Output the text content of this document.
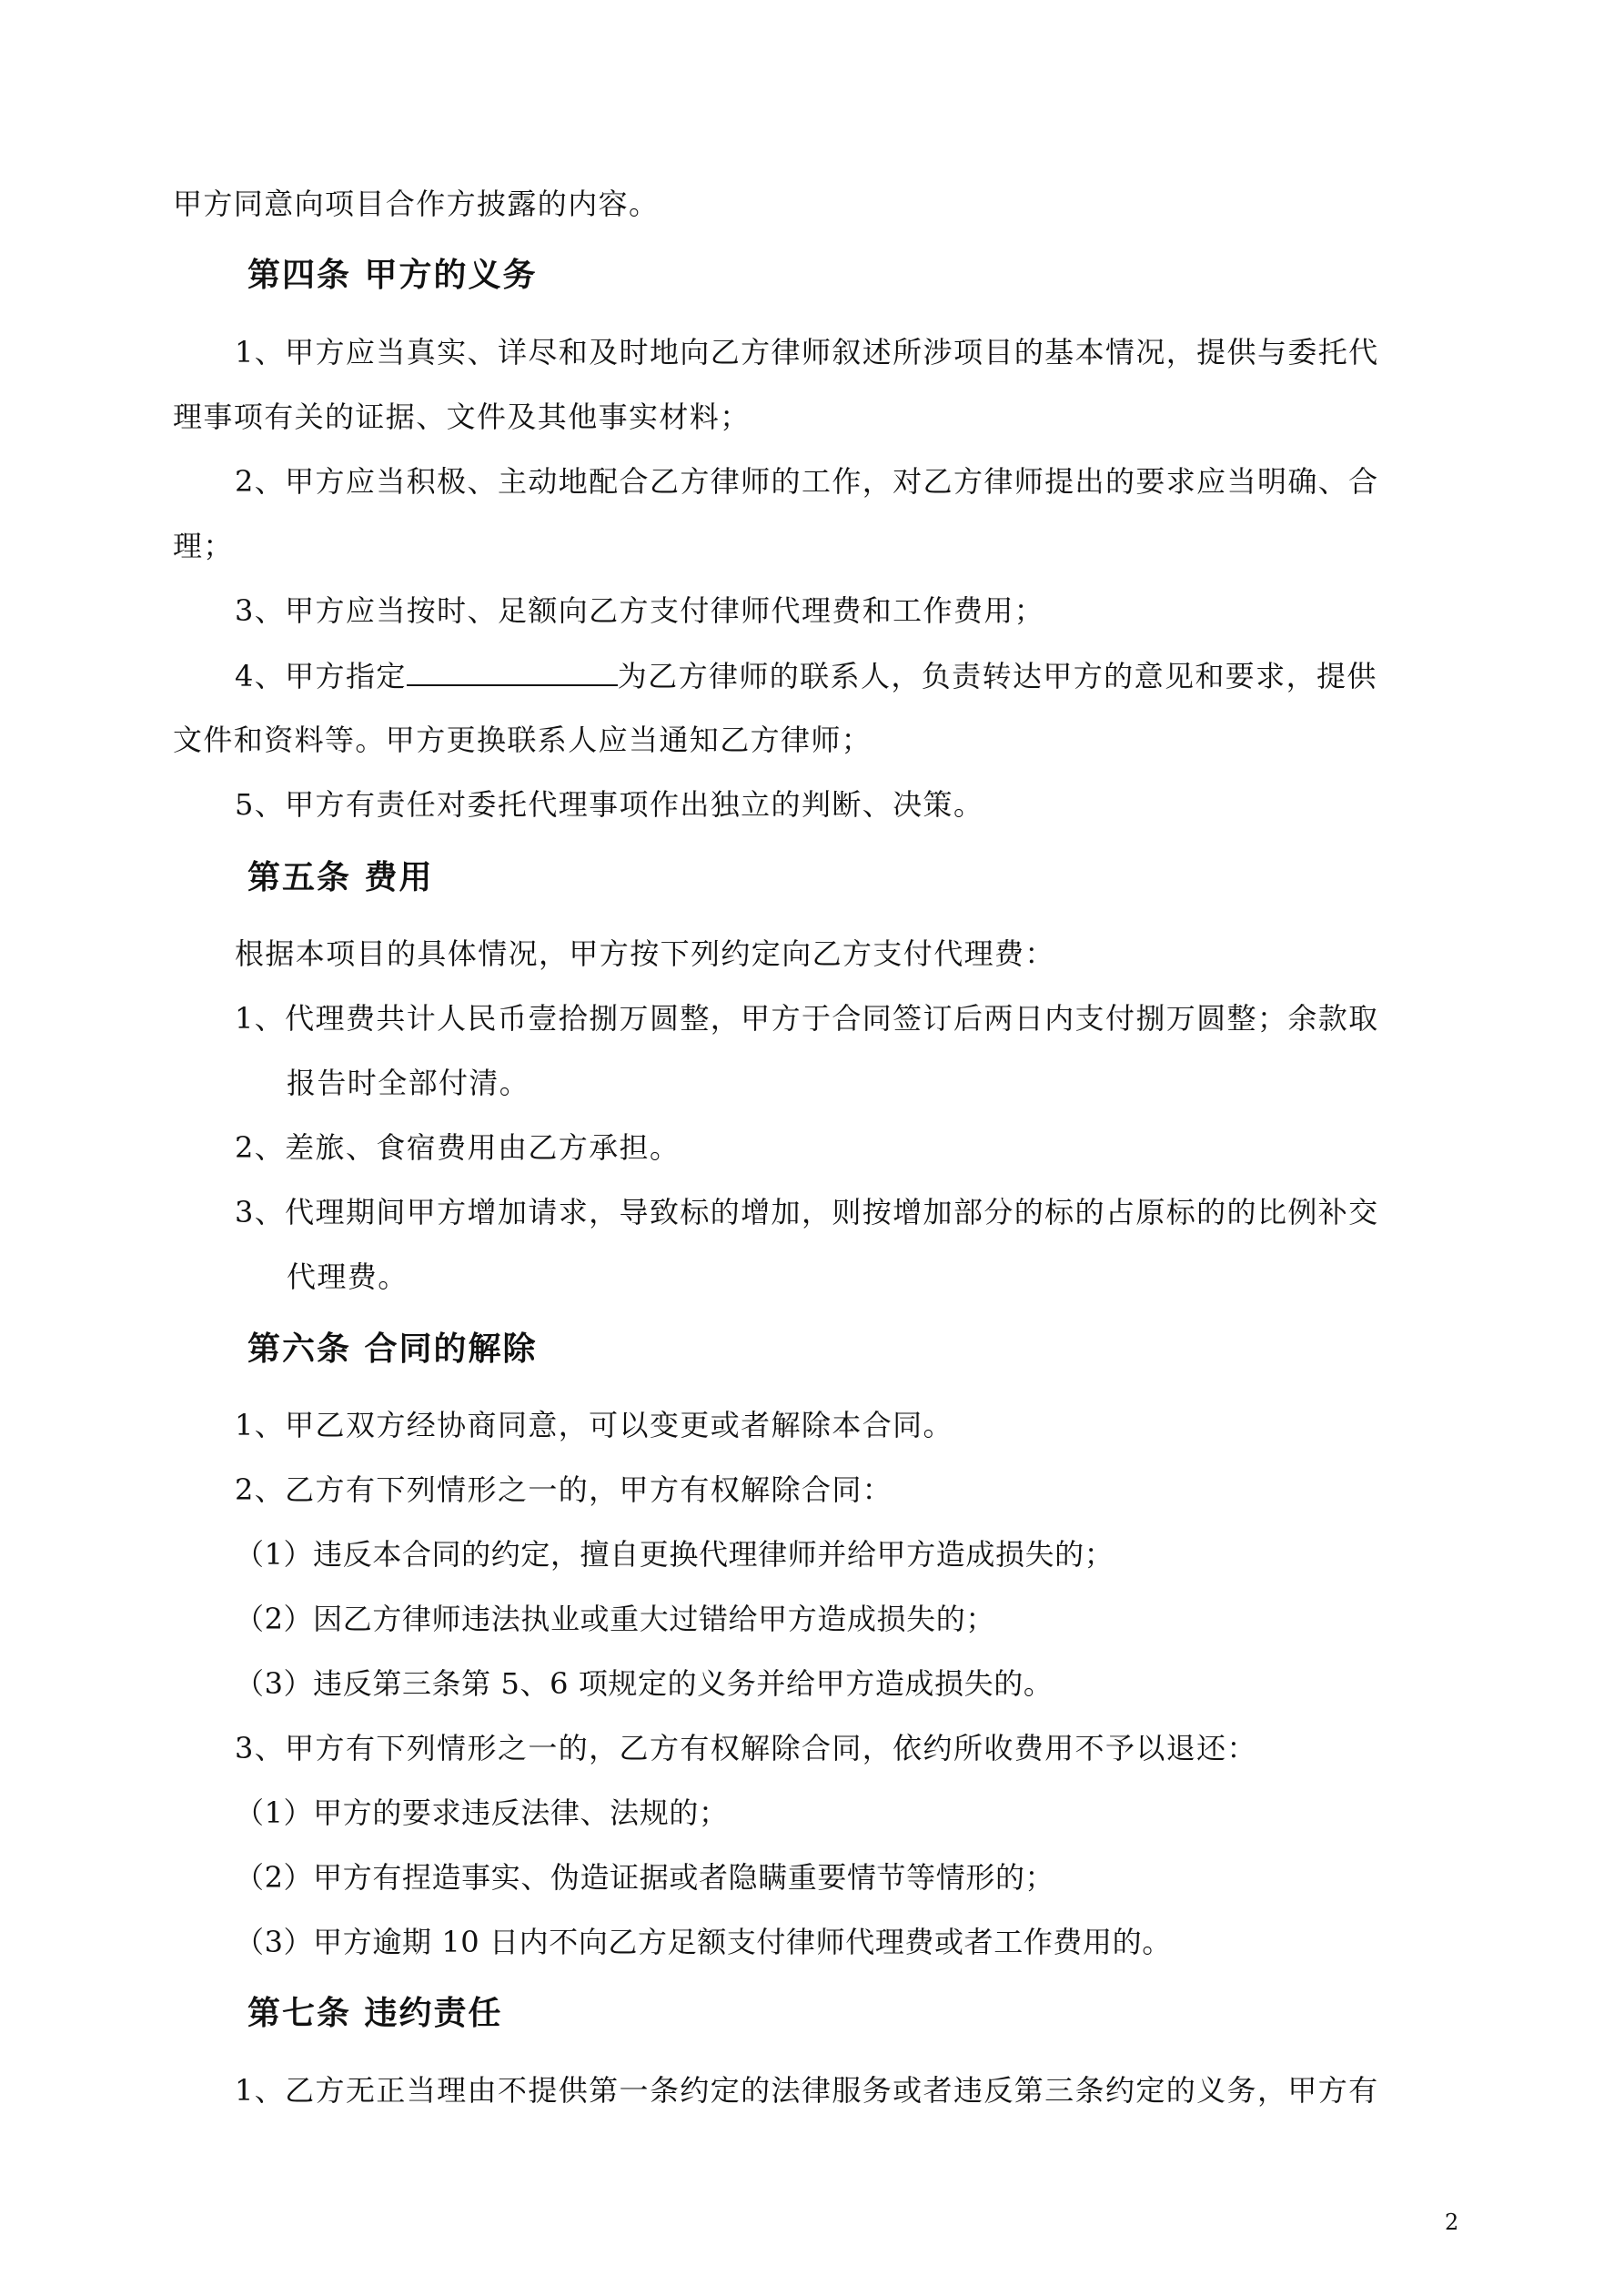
甲方同意向项目合作方披露的内容。
第四条 甲方的义务
1、甲方应当真实、详尽和及时地向乙方律师叙述所涉项目的基本情况，提供与委托代
理事项有关的证据、文件及其他事实材料；
2、甲方应当积极、主动地配合乙方律师的工作，对乙方律师提出的要求应当明确、合
理；
3、甲方应当按时、足额向乙方支付律师代理费和工作费用；
4、甲方指定	为乙方律师的联系人，负责转达甲方的意见和要求，提供
文件和资料等。甲方更换联系人应当通知乙方律师；
5、甲方有责任对委托代理事项作出独立的判断、决策。
第五条 费用
根据本项目的具体情况，甲方按下列约定向乙方支付代理费：
1、代理费共计人民币壹拾捌万圆整，甲方于合同签订后两日内支付捌万圆整；余款取
报告时全部付清。
2、差旅、食宿费用由乙方承担。
3、代理期间甲方增加请求，导致标的增加，则按增加部分的标的占原标的的比例补交
代理费。
第六条 合同的解除
1、甲乙双方经协商同意，可以变更或者解除本合同。
2、乙方有下列情形之一的，甲方有权解除合同：
（1）违反本合同的约定，擅自更换代理律师并给甲方造成损失的；
（2）因乙方律师违法执业或重大过错给甲方造成损失的；
（3）违反第三条第 5、6 项规定的义务并给甲方造成损失的。
3、甲方有下列情形之一的，乙方有权解除合同，依约所收费用不予以退还：
（1）甲方的要求违反法律、法规的；
（2）甲方有捏造事实、伪造证据或者隐瞒重要情节等情形的；
（3）甲方逾期 10 日内不向乙方足额支付律师代理费或者工作费用的。
第七条 违约责任
1、乙方无正当理由不提供第一条约定的法律服务或者违反第三条约定的义务，甲方有
2
